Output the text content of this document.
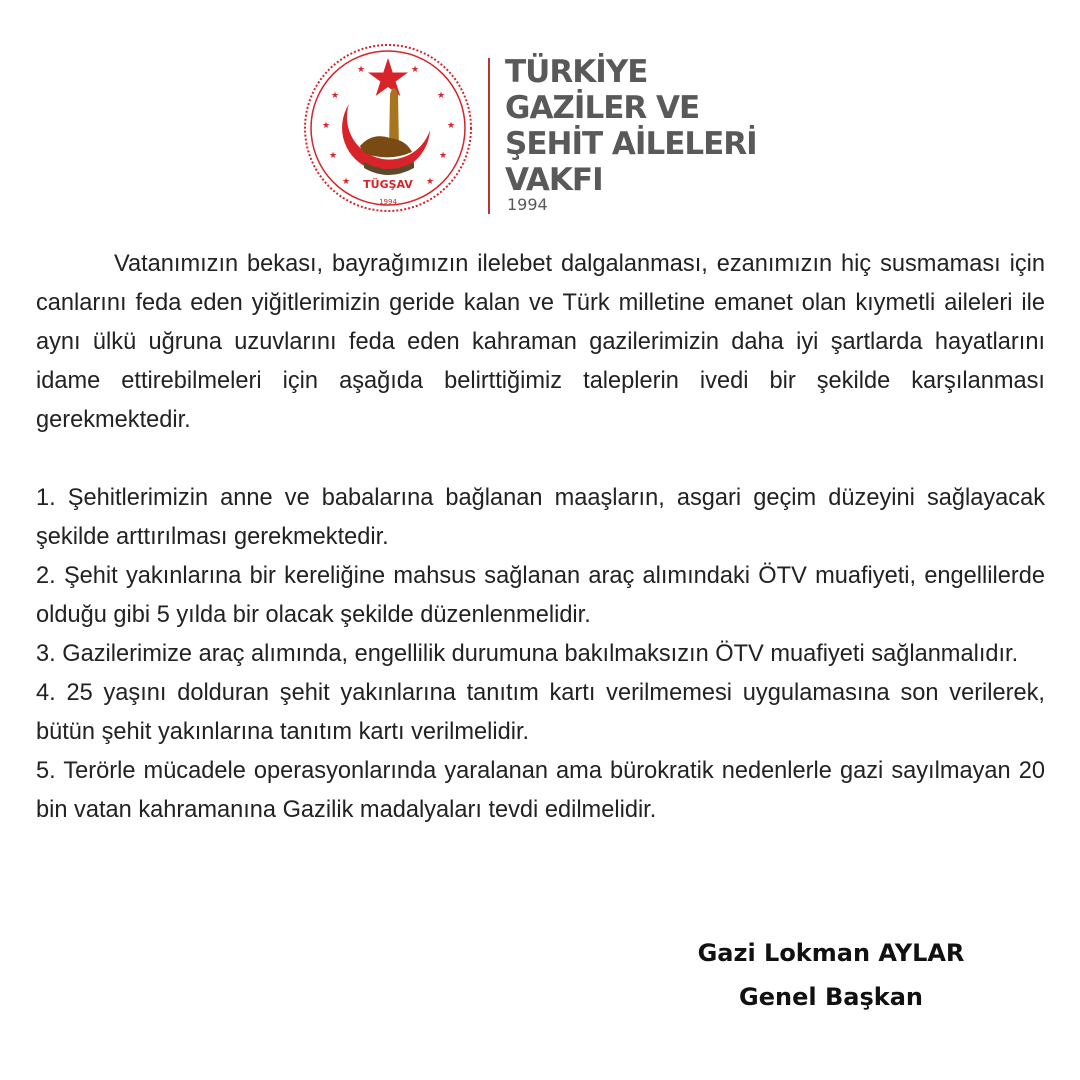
★
★
★
★
★
★
★	★
★	★
TÜGŞAV
1994
TÜRKİYE
GAZİLER VE
ŞEHİT AİLELERİ
VAKFI
1994

Vatanımızın bekası, bayrağımızın ilelebet dalgalanması, ezanımızın hiç susmaması için canlarını feda eden yiğitlerimizin geride kalan ve Türk milletine emanet olan kıymetli aileleri ile aynı ülkü uğruna uzuvlarını feda eden kahraman gazilerimizin daha iyi şartlarda hayatlarını idame ettirebilmeleri için aşağıda belirttiğimiz taleplerin ivedi bir şekilde karşılanması gerekmektedir.

1. Şehitlerimizin anne ve babalarına bağlanan maaşların, asgari geçim düzeyini sağlayacak şekilde arttırılması gerekmektedir.

2. Şehit yakınlarına bir kereliğine mahsus sağlanan araç alımındaki ÖTV muafiyeti, engellilerde olduğu gibi 5 yılda bir olacak şekilde düzenlenmelidir.

3. Gazilerimize araç alımında, engellilik durumuna bakılmaksızın ÖTV muafiyeti sağlanmalıdır.

4. 25 yaşını dolduran şehit yakınlarına tanıtım kartı verilmemesi uygulamasına son verilerek, bütün şehit yakınlarına tanıtım kartı verilmelidir.

5. Terörle mücadele operasyonlarında yaralanan ama bürokratik nedenlerle gazi sayılmayan 20 bin vatan kahramanına Gazilik madalyaları tevdi edilmelidir.

Gazi Lokman AYLAR
Genel Başkan
